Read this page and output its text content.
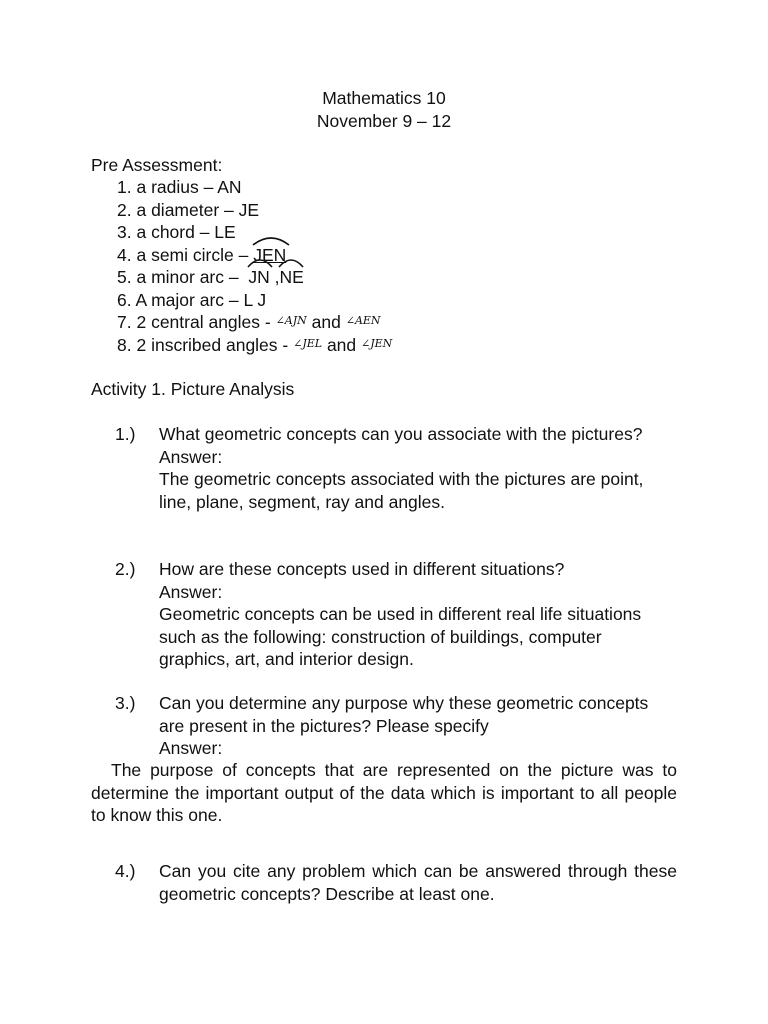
Mathematics 10
November 9 – 12
Pre Assessment:
1. a radius – AN
2. a diameter – JE
3. a chord – LE
4. a semi circle –
JEN
5. a minor arc –
JN ,
NE
6. A major arc – L J
7. 2 central angles - $^{\angle AJN}$ and $^{\angle AEN}$
8. 2 inscribed angles - $^{\angle JEL}$ and $^{\angle JEN}$
Activity 1. Picture Analysis
1.) What geometric concepts can you associate with the pictures?

Answer:

The geometric concepts associated with the pictures are point, line, plane, segment, ray and angles.

2.) How are these concepts used in different situations?

Answer:

Geometric concepts can be used in different real life situations such as the following: construction of buildings, computer graphics, art, and interior design.

3.) Can you determine any purpose why these geometric concepts are present in the pictures? Please specify

Answer:

The purpose of concepts that are represented on the picture was to determine the important output of the data which is important to all people to know this one.
4.) Can you cite any problem which can be answered through these geometric concepts? Describe at least one.
